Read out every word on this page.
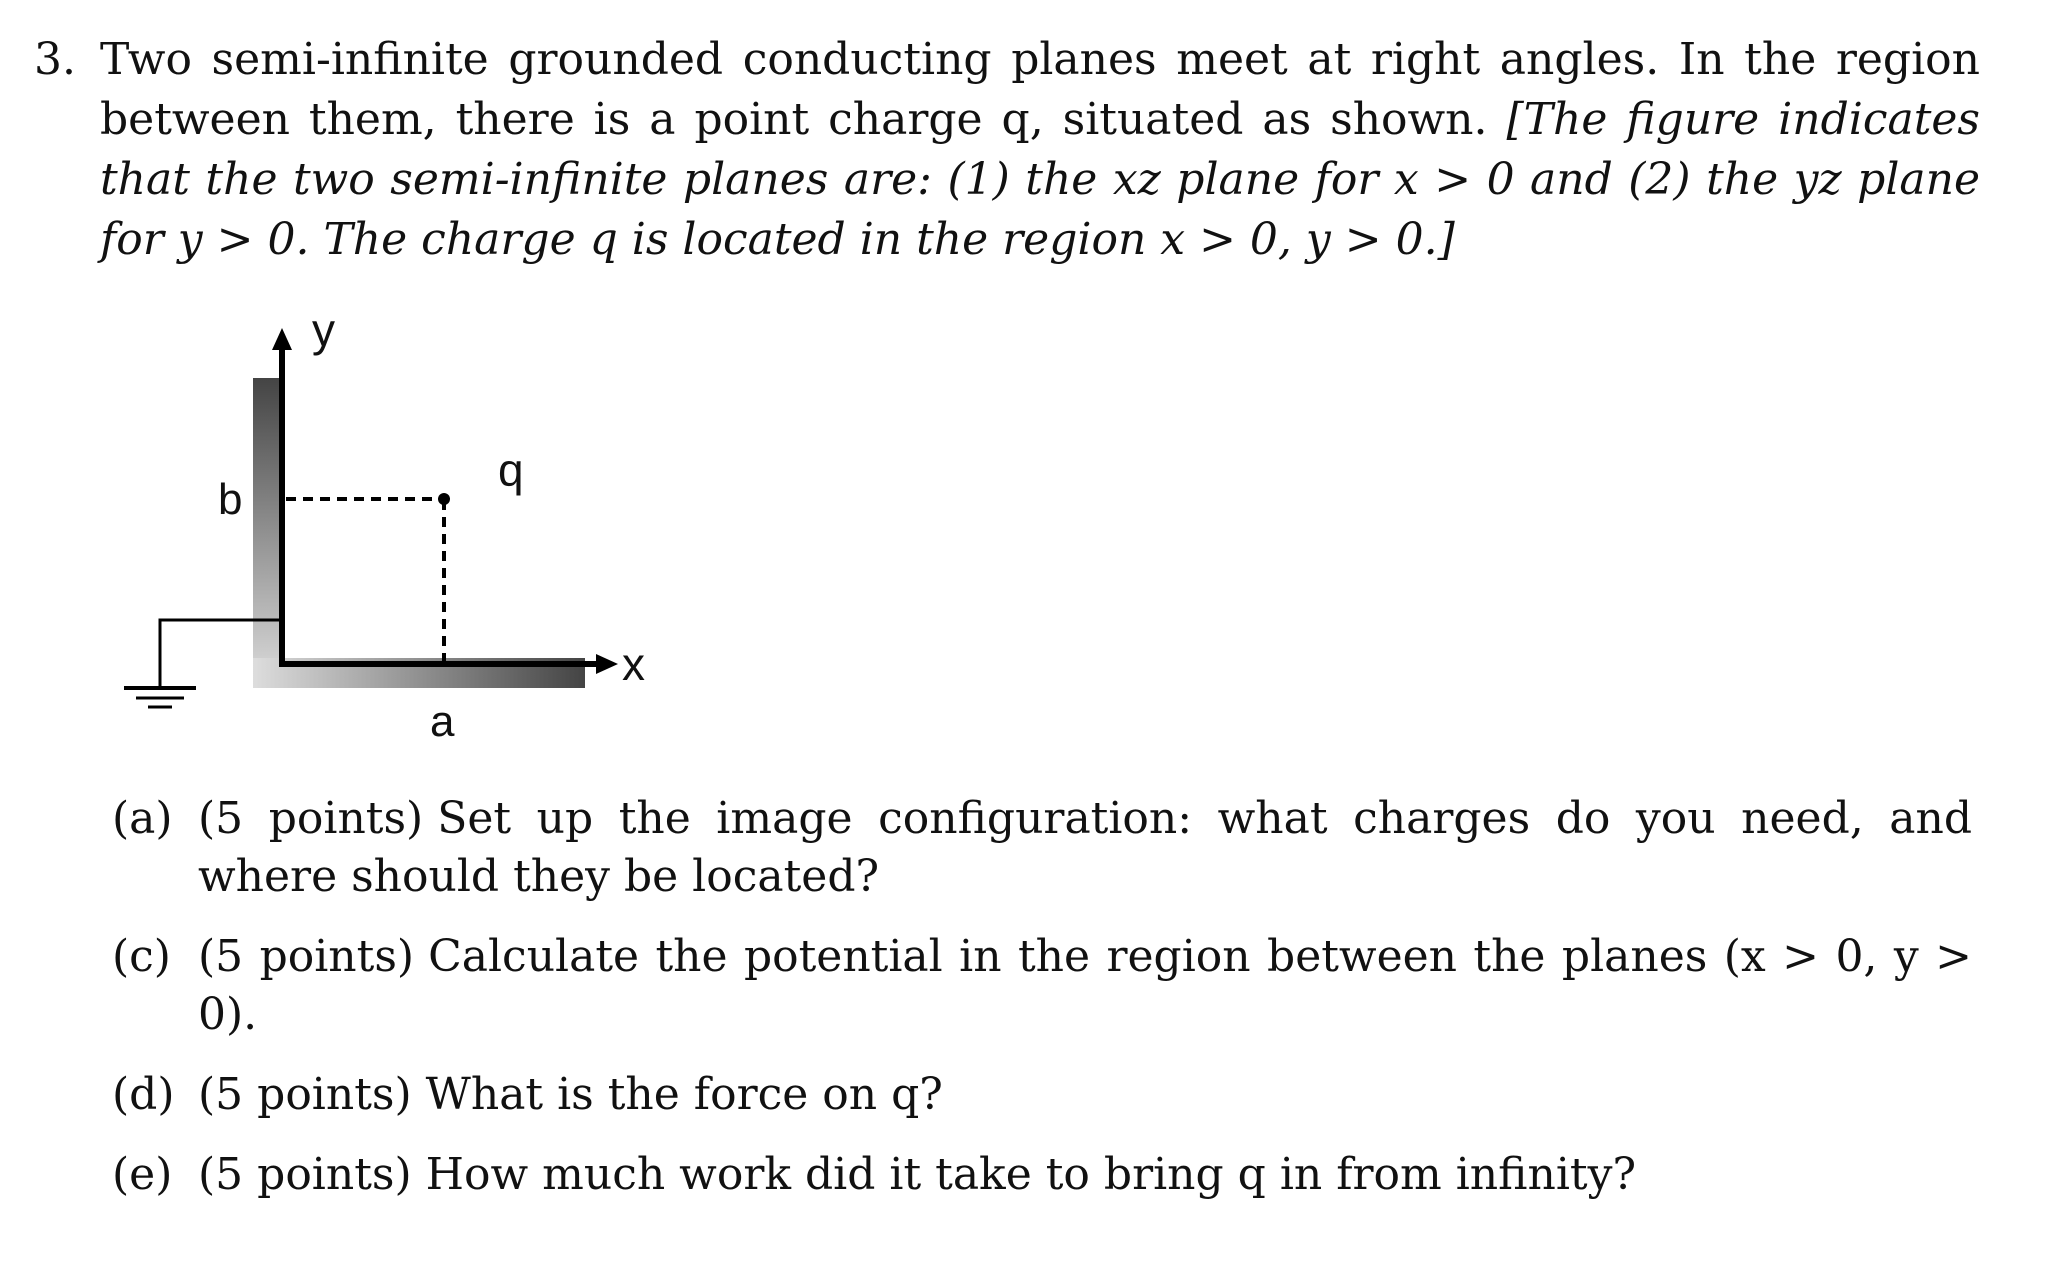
3. Two semi-infinite grounded conducting planes meet at right angles. In the region between them, there is a point charge q, situated as shown. [The figure indicates that the two semi-infinite planes are: (1) the xz plane for x > 0 and (2) the yz plane for y > 0. The charge q is located in the region x > 0, y > 0.]
y
x
b
a
q
(a) (5 points) Set up the image configuration: what charges do you need, and where should they be located?
(c) (5 points) Calculate the potential in the region between the planes (x > 0, y > 0).
(d) (5 points) What is the force on q?
(e) (5 points) How much work did it take to bring q in from infinity?
